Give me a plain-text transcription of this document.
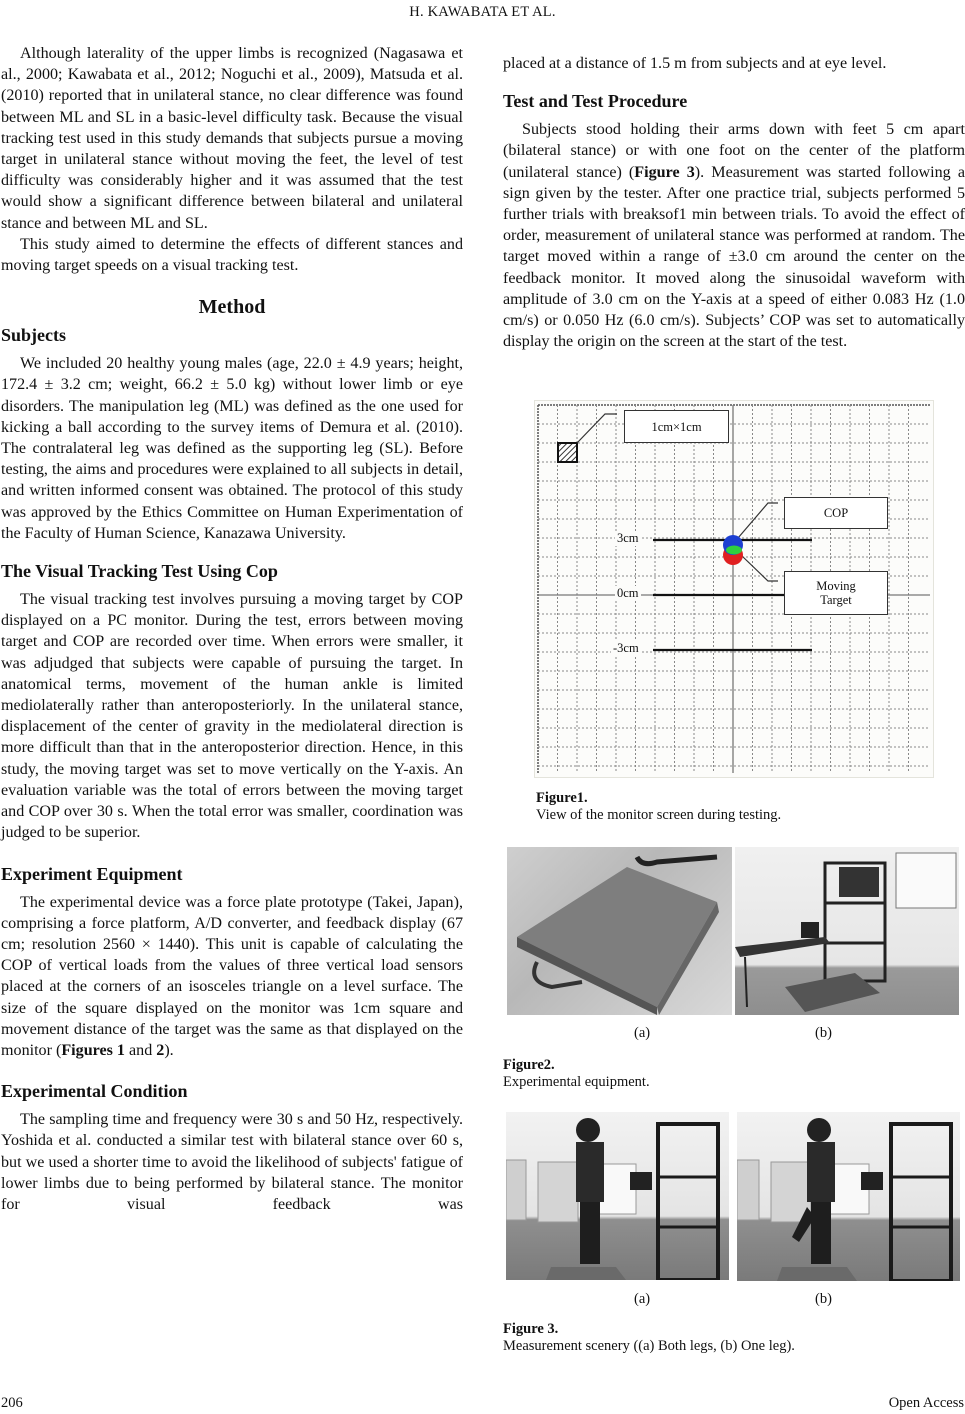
H. KAWABATA ET AL.

Although laterality of the upper limbs is recognized (Nagasawa et al., 2000; Kawabata et al., 2012; Noguchi et al., 2009), Matsuda et al. (2010) reported that in unilateral stance, no clear difference was found between ML and SL in a basic-level difficulty task. Because the visual tracking test used in this study demands that subjects pursue a moving target in unilateral stance without moving the feet, the level of test difficulty was considerably higher and it was assumed that the test would show a significant difference between bilateral and unilateral stance and between ML and SL.

This study aimed to determine the effects of different stances and moving target speeds on a visual tracking test.

Method
Subjects

We included 20 healthy young males (age, 22.0 ± 4.9 years; height, 172.4 ± 3.2 cm; weight, 66.2 ± 5.0 kg) without lower limb or eye disorders. The manipulation leg (ML) was defined as the one used for kicking a ball according to the survey items of Demura et al. (2010). The contralateral leg was defined as the supporting leg (SL). Before testing, the aims and procedures were explained to all subjects in detail, and written informed consent was obtained. The protocol of this study was approved by the Ethics Committee on Human Experimentation of the Faculty of Human Science, Kanazawa University.

The Visual Tracking Test Using Cop

The visual tracking test involves pursuing a moving target by COP displayed on a PC monitor. During the test, errors between moving target and COP are recorded over time. When errors were smaller, it was adjudged that subjects were capable of pursuing the target. In anatomical terms, movement of the human ankle is limited mediolaterally rather than anteroposteriorly. In the unilateral stance, displacement of the center of gravity in the mediolateral direction is more difficult than that in the anteroposterior direction. Hence, in this study, the moving target was set to move vertically on the Y-axis. An evaluation variable was the total of errors between the moving target and COP over 30 s. When the total error was smaller, coordination was judged to be superior.

Experiment Equipment

The experimental device was a force plate prototype (Takei, Japan), comprising a force platform, A/D converter, and feedback display (67 cm; resolution 2560 × 1440). This unit is capable of calculating the COP of vertical loads from the values of three vertical load sensors placed at the corners of an isosceles triangle on a level surface. The size of the square displayed on the monitor was 1cm square and movement distance of the target was the same as that displayed on the monitor (Figures 1 and 2).

Experimental Condition

The sampling time and frequency were 30 s and 50 Hz, respectively. Yoshida et al. conducted a similar test with bilateral stance over 60 s, but we used a shorter time to avoid the likelihood of subjects' fatigue of lower limbs due to being performed by bilateral stance. The monitor for visual feedback was

placed at a distance of 1.5 m from subjects and at eye level.

Test and Test Procedure

Subjects stood holding their arms down with feet 5 cm apart (bilateral stance) or with one foot on the center of the platform (unilateral stance) (Figure 3). Measurement was started following a sign given by the tester. After one practice trial, subjects performed 5 further trials with breaksof1 min between trials. To avoid the effect of order, measurement of unilateral stance was performed at random. The target moved within a range of ±3.0 cm around the center on the feedback monitor. It moved along the sinusoidal waveform with amplitude of 3.0 cm on the Y-axis at a speed of either 0.083 Hz (1.0 cm/s) or 0.050 Hz (6.0 cm/s). Subjects’ COP was set to automatically display the origin on the screen at the start of the test.

1cm×1cm
COP
Moving
Target
3cm
0cm
-3cm

Figure1.

View of the monitor screen during testing.

(a)	(b)

Figure2.

Experimental equipment.

(a)	(b)

Figure 3.

Measurement scenery ((a) Both legs, (b) One leg).

206	Open Access
